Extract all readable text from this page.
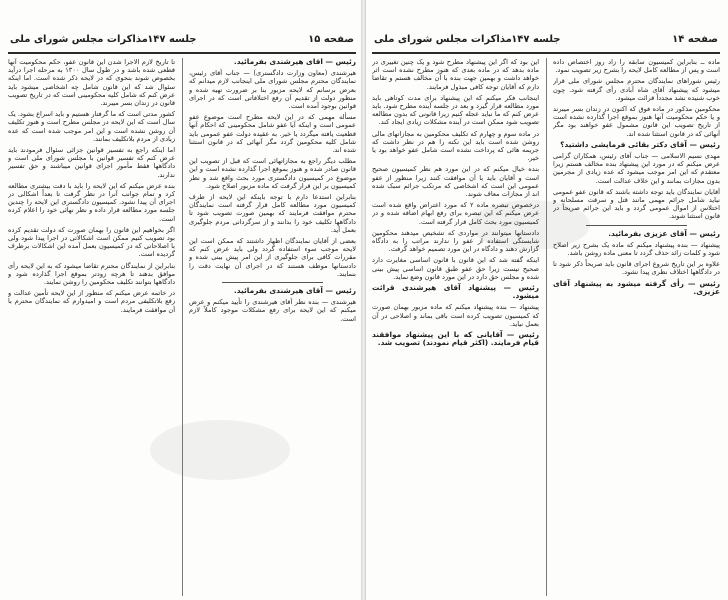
صفحه ۱۵
جلسه ۱۴۷
مذاکرات مجلس شورای ملی

رئیس — آقای هیرشندی بفرمائید.

هیرشندی (معاون وزارت دادگستری) — جناب آقای رئیس، نمایندگان محترم مجلس شورای ملی اینجانب لازم میدانم که بعرض برسانم که لایحه مزبور بنا بر ضرورت تهیه شده و منظور دولت از تقدیم آن رفع اختلافاتی است که در اجرای قوانین بوجود آمده است.

مسأله مهمی که در این لایحه مطرح است موضوع عفو عمومی است و اینکه آیا عفو شامل محکومینی که احکام آنها قطعیت یافته میگردد یا خیر. به عقیده دولت عفو عمومی باید شامل کلیه محکومین گردد مگر آنهائی که در قانون استثنا شده اند.

مطلب دیگر راجع به مجازاتهائی است که قبل از تصویب این قانون صادر شده و هنوز بموقع اجرا گذارده نشده است و این موضوع در کمیسیون دادگستری مورد بحث واقع شد و نظر کمیسیون بر این قرار گرفت که ماده مزبور اصلاح شود.

بنابراین استدعا دارم با توجه باینکه این لایحه از طرف کمیسیون مورد مطالعه کامل قرار گرفته است نمایندگان محترم موافقت فرمایند که بهمین صورت تصویب شود تا دادگاهها تکلیف خود را بدانند و از سرگردانی مردم جلوگیری بعمل آید.

بعضی از آقایان نمایندگان اظهار داشتند که ممکن است این لایحه موجب سوء استفاده گردد ولی باید عرض کنم که مقررات کافی برای جلوگیری از این امر پیش بینی شده و دادستانها موظف هستند که در اجرای آن نهایت دقت را بنمایند.

رئیس — آقای هیرشندی بفرمائید.

هیرشندی — بنده نظر آقای هیرشندی را تأیید میکنم و عرض میکنم که این لایحه برای رفع مشکلات موجود کاملاً لازم است.

تا تاریخ لازم الاجرا شدن این قانون عفو، حکم محکومیت آنها قطعی شده باشد و در طول سال ۱۳۰۰ به مرحله اجرا درآید بخصوص شوند بنحوی که در لایحه ذکر شده است. اما اینکه سئوال شد که این قانون شامل چه اشخاصی میشود باید عرض کنم که شامل کلیه محکومینی است که در تاریخ تصویب قانون در زندان بسر میبرند.

کشور مدتی است که ما گرفتار هستیم و باید اسراع بشود. یک سال است که این لایحه در مجلس مطرح است و هنوز تکلیف آن روشن نشده است و این امر موجب شده است که عده زیادی از مردم بلاتکلیف بمانند.

اما اینکه راجع به تفسیر قوانین جزائی سئوال فرمودند باید عرض کنم که تفسیر قوانین با مجلس شورای ملی است و دادگاهها فقط مأمور اجرای قوانین میباشند و حق تفسیر ندارند.

بنده عرض میکنم که این لایحه را باید با دقت بیشتری مطالعه کرد و تمام جوانب آنرا در نظر گرفت تا بعداً اشکالی در اجرای آن پیدا نشود. کمیسیون دادگستری این لایحه را چندین جلسه مورد مطالعه قرار داده و نظر نهائی خود را اعلام کرده است.

اگر بخواهیم این قانون را بهمان صورت که دولت تقدیم کرده بود تصویب کنیم ممکن است اشکالاتی در اجرا پیدا شود ولی با اصلاحاتی که در کمیسیون بعمل آمده این اشکالات برطرف گردیده است.

بنابراین از نمایندگان محترم تقاضا میشود که به این لایحه رأی موافق بدهند تا هرچه زودتر بموقع اجرا گذارده شود و دادگاهها بتوانند تکلیف محکومین را روشن نمایند.

در خاتمه عرض میکنم که منظور از این لایحه تأمین عدالت و رفع بلاتکلیفی مردم است و امیدوارم که نمایندگان محترم با آن موافقت فرمایند.

صفحه ۱۴
جلسه ۱۴۷
مذاکرات مجلس شورای ملی

ماده ــ بنابراین کمیسیون سابقه را زاد روز اختصاص داده است و پس از مطالعه کامل لایحه را بشرح زیر تصویب نمود.

رئیس شوراهای نمایندگان محترم مجلس شورای ملی قرار میشود که پیشنهاد آقای شاه آبادی رأی گرفته شود. چون خوب شنیده نشد مجدداً قرائت میشود.

محکومین مذکور در ماده فوق که اکنون در زندان بسر میبرند و یا حکم محکومیت آنها هنوز بموقع اجرا گذارده نشده است از تاریخ تصویب این قانون مشمول عفو خواهند بود مگر آنهائی که در قانون استثنا شده اند.

رئیس — آقای دکتر بقائی فرمایشی داشتید؟

مهدی نسیم الاسلامی — جناب آقای رئیس، همکاران گرامی عرض میکنم که در مورد این پیشنهاد بنده مخالف هستم زیرا معتقدم که این امر موجب میشود که عده زیادی از مجرمین بدون مجازات بمانند و این خلاف عدالت است.

آقایان نمایندگان باید توجه داشته باشند که قانون عفو عمومی نباید شامل جرائم مهمی مانند قتل و سرقت مسلحانه و اختلاس از اموال عمومی گردد و باید این جرائم صریحاً در قانون استثنا شوند.

رئیس — آقای عزیزی بفرمائید.

پیشنهاد — بنده پیشنهاد میکنم که ماده یک بشرح زیر اصلاح شود و کلمات زائد حذف گردد تا معنی ماده روشن باشد.

علاوه بر این تاریخ شروع اجرای قانون باید صریحاً ذکر شود تا در دادگاهها اختلاف نظری پیدا نشود.

رئیس — رأی گرفته میشود به پیشنهاد آقای عزیزی.

این بود که اگر این پیشنهاد مطرح شود و یک چنین تغییری در ماده بدهد که در ماده بعدی که هنوز مطرح نشده است اثر خواهد داشت و بهمین جهت بنده با آن مخالف هستم و تقاضا دارم که آقایان توجه کافی مبذول فرمایند.

اینجانب فکر میکنم که این پیشنهاد برای مدت کوتاهی باید مورد مطالعه قرار گیرد و بعد در جلسه آینده مطرح شود. باید عرض کنم که ما نباید عجله کنیم زیرا قانونی که بدون مطالعه تصویب شود ممکن است در آینده مشکلات زیادی ایجاد کند.

در ماده سوم و چهارم که تکلیف محکومین به مجازاتهای مالی روشن شده است باید این نکته را هم در نظر داشت که جریمه هائی که پرداخت نشده است شامل عفو خواهد بود یا خیر.

بنده خیال میکنم که در این مورد هم نظر کمیسیون صحیح است و آقایان باید با آن موافقت کنند زیرا منظور از عفو عمومی این است که اشخاصی که مرتکب جرائم سبک شده اند از مجازات معاف شوند.

درخصوص تبصره ماده ۲ که مورد اعتراض واقع شده است عرض میکنم که این تبصره برای رفع ابهام اضافه شده و در کمیسیون مورد بحث کامل قرار گرفته است.

دادستانها میتوانند در مواردی که تشخیص میدهند محکومین شایستگی استفاده از عفو را ندارند مراتب را به دادگاه گزارش دهند و دادگاه در این مورد تصمیم خواهد گرفت.

اینکه گفته شد که این قانون با قانون اساسی مغایرت دارد صحیح نیست زیرا حق عفو طبق قانون اساسی پیش بینی شده و مجلس حق دارد در این مورد قانون وضع نماید.

رئیس — پیشنهاد آقای هیرشندی قرائت میشود.

پیشنهاد — بنده پیشنهاد میکنم که ماده مزبور بهمان صورت که کمیسیون تصویب کرده است باقی بماند و اصلاحی در آن بعمل نیاید.

رئیس — آقایانی که با این پیشنهاد موافقند قیام فرمایند. (اکثر قیام نمودند) تصویب شد.
